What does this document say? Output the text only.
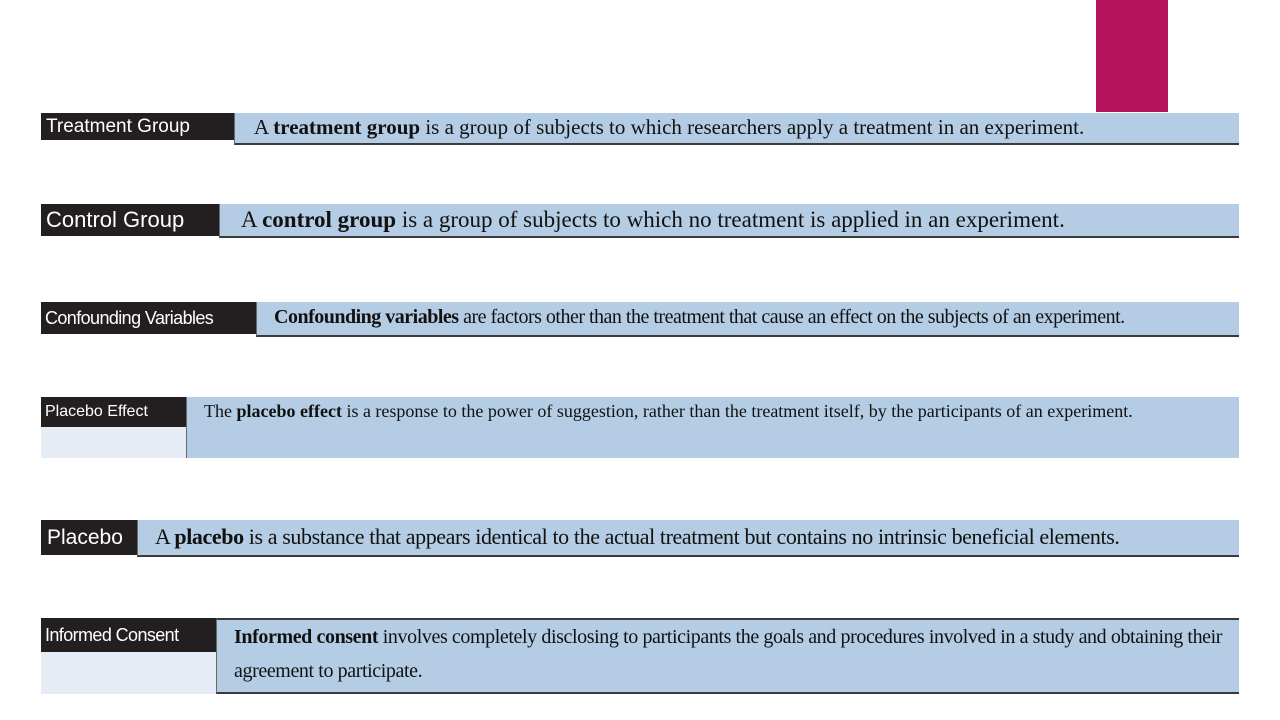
Treatment Group	A treatment group is a group of subjects to which researchers apply a treatment in an experiment.
Control Group	A control group is a group of subjects to which no treatment is applied in an experiment.
Confounding Variables	Confounding variables are factors other than the treatment that cause an effect on the subjects of an experiment.
Placebo Effect	The placebo effect is a response to the power of suggestion, rather than the treatment itself, by the participants of an experiment.
Placebo	A placebo is a substance that appears identical to the actual treatment but contains no intrinsic beneficial elements.
Informed Consent	Informed consent involves completely disclosing to participants the goals and procedures involved in a study and obtaining their agreement to participate.
